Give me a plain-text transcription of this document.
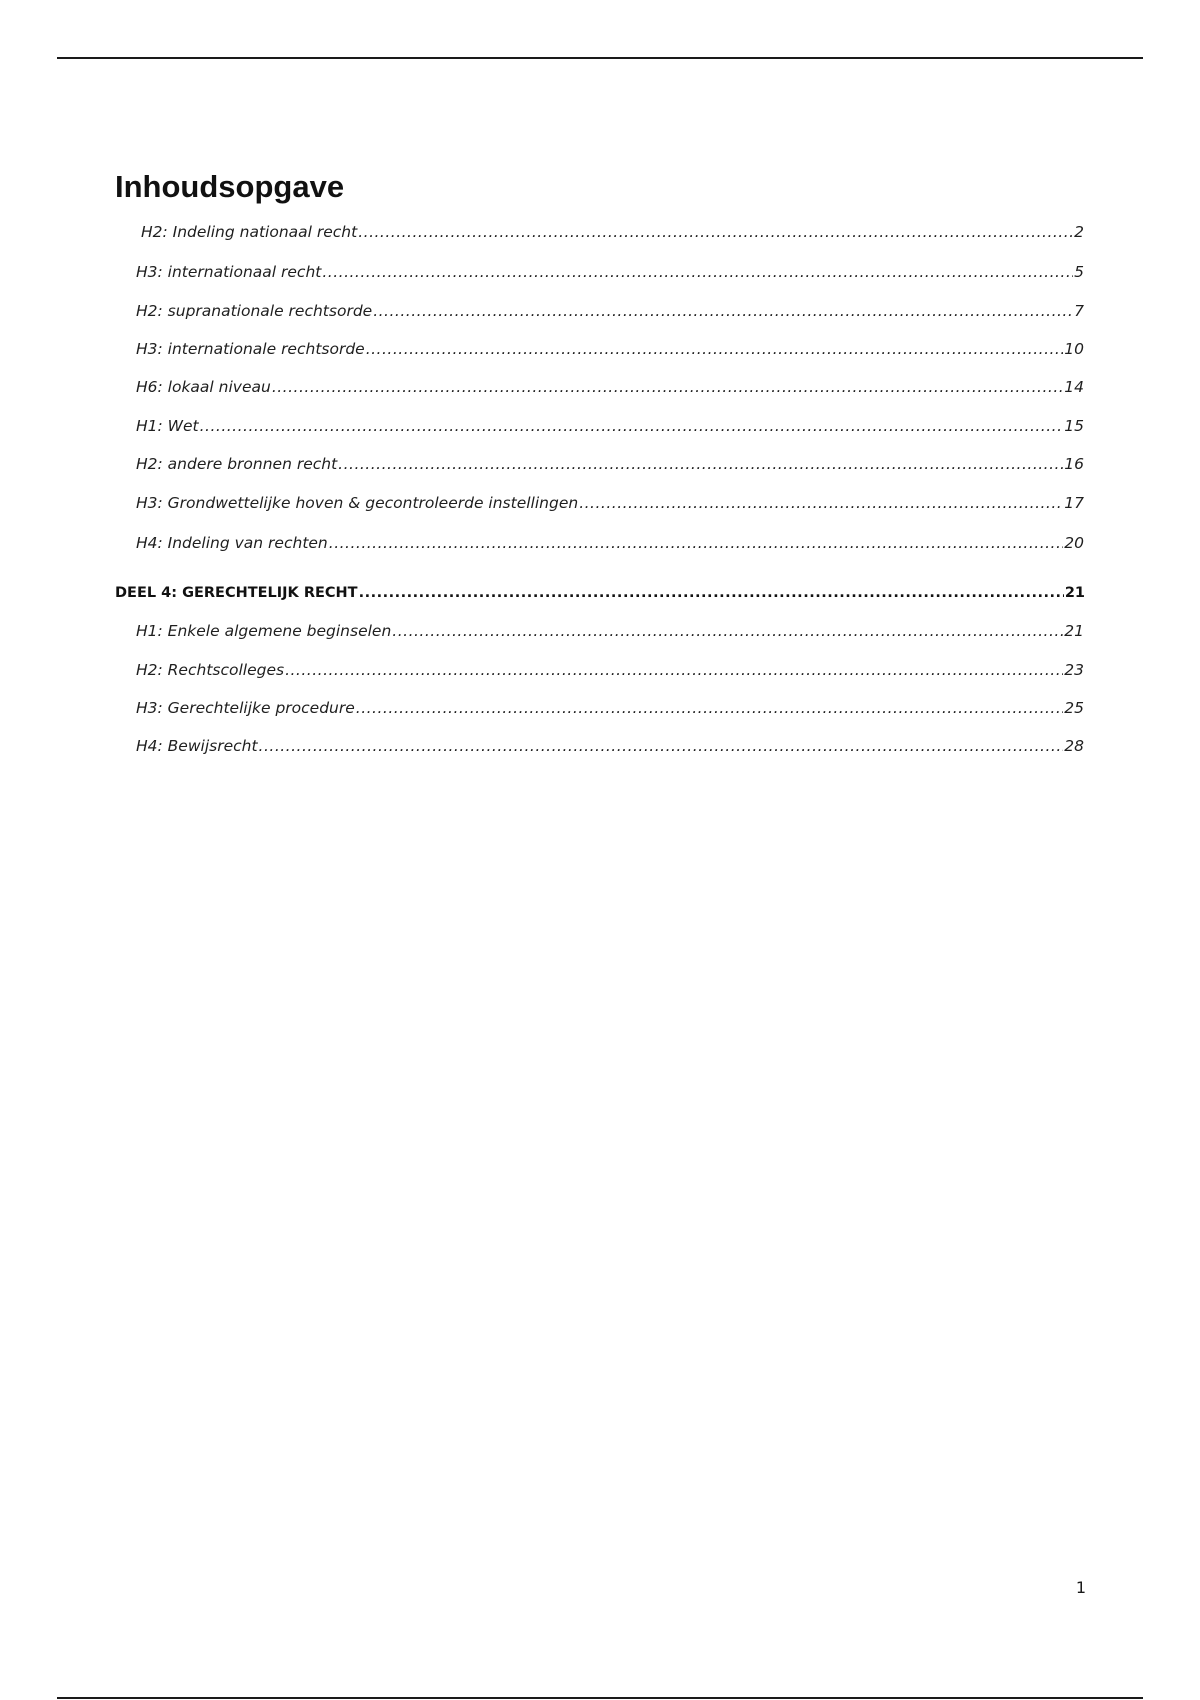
Inhoudsopgave
H2: Indeling nationaal recht .....	2
H3: internationaal recht .....	5
H2: supranationale rechtsorde .....	7
H3: internationale rechtsorde .....	10
H6: lokaal niveau .....	14
H1: Wet .....	15
H2: andere bronnen recht .....	16
H3: Grondwettelijke hoven & gecontroleerde instellingen .....	17
H4: Indeling van rechten .....	20
DEEL 4: GERECHTELIJK RECHT .....	21
H1: Enkele algemene beginselen .....	21
H2: Rechtscolleges .....	23
H3: Gerechtelijke procedure .....	25
H4: Bewijsrecht .....	28
1
